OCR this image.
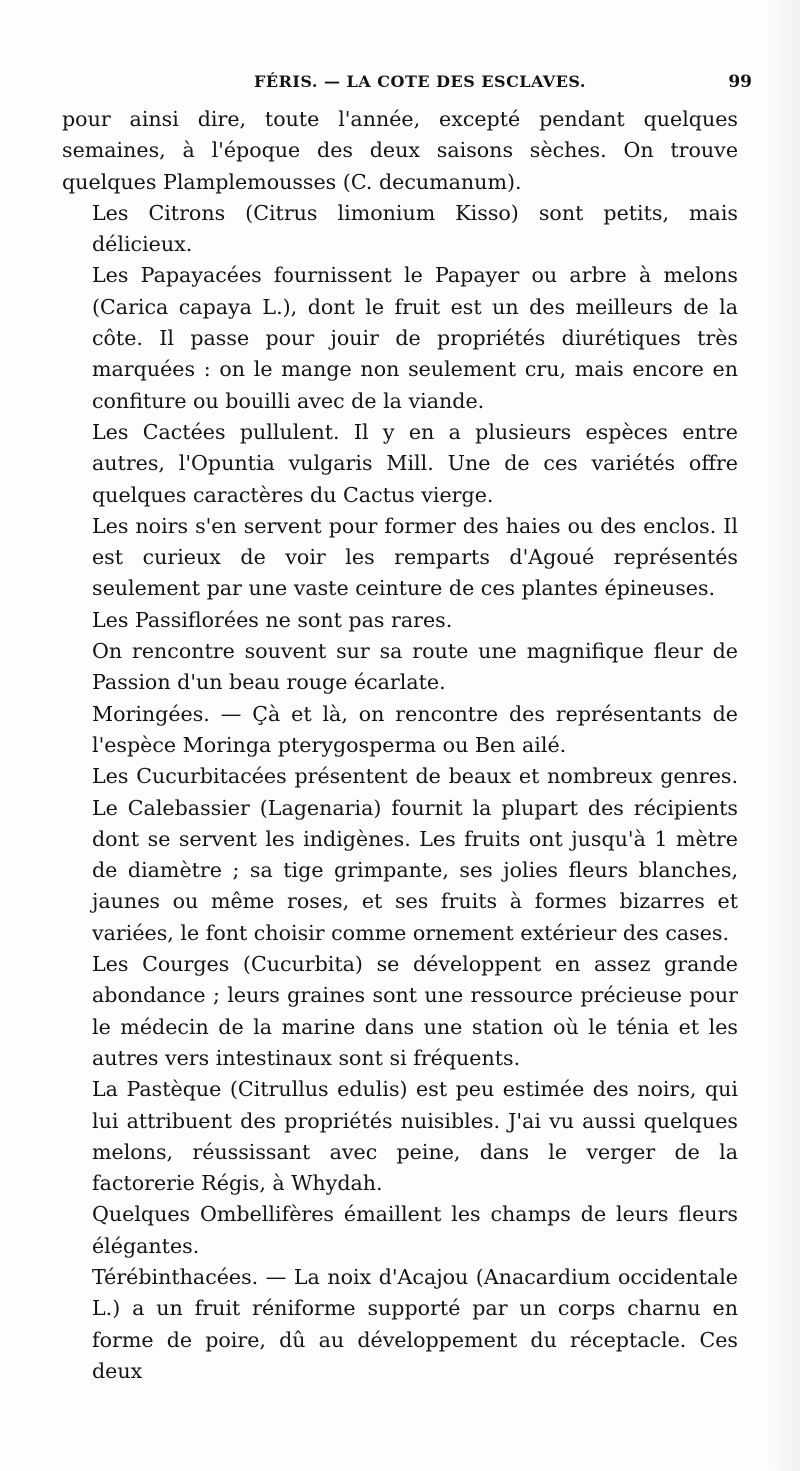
FÉRIS. — LA COTE DES ESCLAVES.	99

pour ainsi dire, toute l'année, excepté pendant quelques semaines, à l'époque des deux saisons sèches. On trouve quelques Plamplemousses (C. decumanum).

Les Citrons (Citrus limonium Kisso) sont petits, mais délicieux.

Les Papayacées fournissent le Papayer ou arbre à melons (Carica capaya L.), dont le fruit est un des meilleurs de la côte. Il passe pour jouir de propriétés diurétiques très marquées : on le mange non seulement cru, mais encore en confiture ou bouilli avec de la viande.

Les Cactées pullulent. Il y en a plusieurs espèces entre autres, l'Opuntia vulgaris Mill. Une de ces variétés offre quelques caractères du Cactus vierge.

Les noirs s'en servent pour former des haies ou des enclos. Il est curieux de voir les remparts d'Agoué représentés seulement par une vaste ceinture de ces plantes épineuses.

Les Passiflorées ne sont pas rares.

On rencontre souvent sur sa route une magnifique fleur de Passion d'un beau rouge écarlate.

Moringées. — Çà et là, on rencontre des représentants de l'espèce Moringa pterygosperma ou Ben ailé.

Les Cucurbitacées présentent de beaux et nombreux genres. Le Calebassier (Lagenaria) fournit la plupart des récipients dont se servent les indigènes. Les fruits ont jusqu'à 1 mètre de diamètre ; sa tige grimpante, ses jolies fleurs blanches, jaunes ou même roses, et ses fruits à formes bizarres et variées, le font choisir comme ornement extérieur des cases.

Les Courges (Cucurbita) se développent en assez grande abondance ; leurs graines sont une ressource précieuse pour le médecin de la marine dans une station où le ténia et les autres vers intestinaux sont si fréquents.

La Pastèque (Citrullus edulis) est peu estimée des noirs, qui lui attribuent des propriétés nuisibles. J'ai vu aussi quelques melons, réussissant avec peine, dans le verger de la factorerie Régis, à Whydah.

Quelques Ombellifères émaillent les champs de leurs fleurs élégantes.

Térébinthacées. — La noix d'Acajou (Anacardium occidentale L.) a un fruit réniforme supporté par un corps charnu en forme de poire, dû au développement du réceptacle. Ces deux
